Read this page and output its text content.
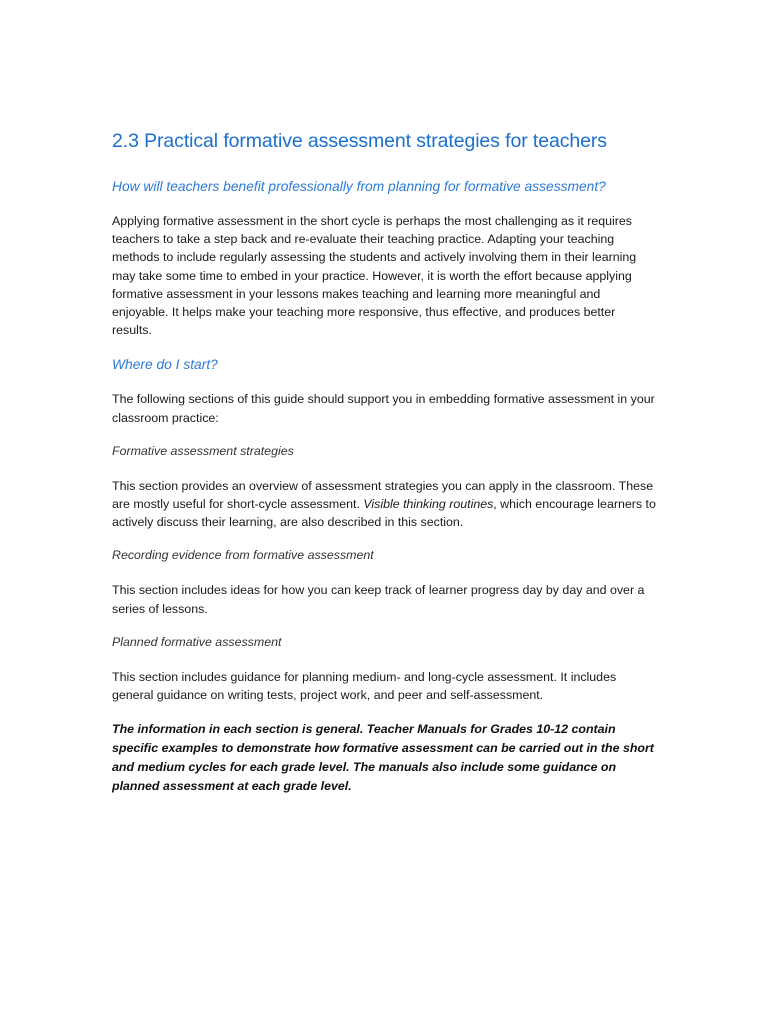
2.3 Practical formative assessment strategies for teachers
How will teachers benefit professionally from planning for formative assessment?

Applying formative assessment in the short cycle is perhaps the most challenging as it requires teachers to take a step back and re-evaluate their teaching practice. Adapting your teaching methods to include regularly assessing the students and actively involving them in their learning may take some time to embed in your practice. However, it is worth the effort because applying formative assessment in your lessons makes teaching and learning more meaningful and enjoyable. It helps make your teaching more responsive, thus effective, and produces better results.

Where do I start?

The following sections of this guide should support you in embedding formative assessment in your classroom practice:

Formative assessment strategies

This section provides an overview of assessment strategies you can apply in the classroom. These are mostly useful for short-cycle assessment. Visible thinking routines, which encourage learners to actively discuss their learning, are also described in this section.

Recording evidence from formative assessment

This section includes ideas for how you can keep track of learner progress day by day and over a series of lessons.

Planned formative assessment

This section includes guidance for planning medium- and long-cycle assessment. It includes general guidance on writing tests, project work, and peer and self-assessment.

The information in each section is general. Teacher Manuals for Grades 10-12 contain specific examples to demonstrate how formative assessment can be carried out in the short and medium cycles for each grade level. The manuals also include some guidance on planned assessment at each grade level.
